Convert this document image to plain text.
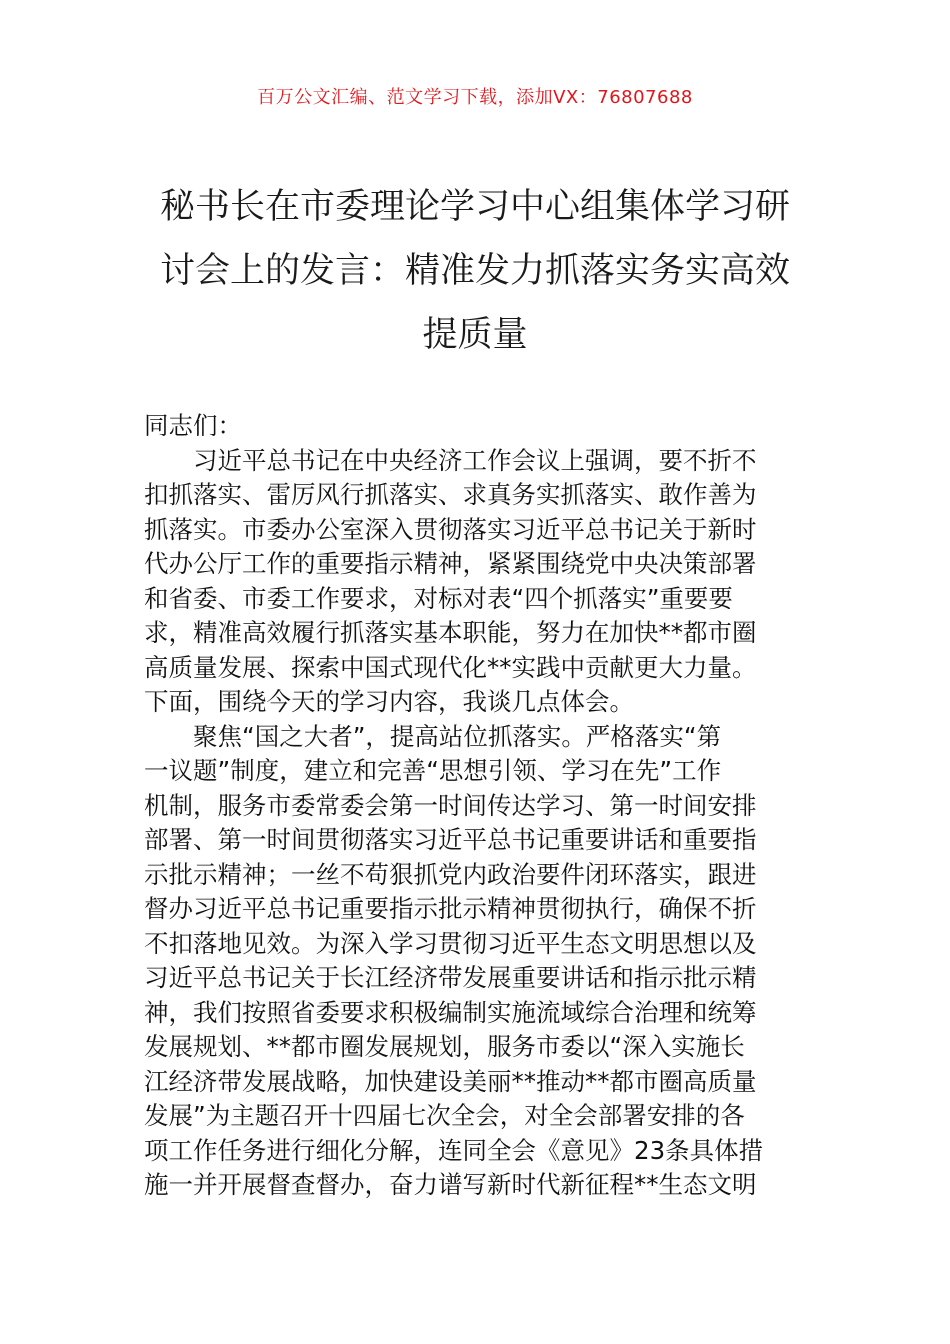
百万公文汇编、范文学习下载，添加VX：76807688
秘书长在市委理论学习中心组集体学习研
讨会上的发言：精准发力抓落实务实高效
提质量
同志们：
习近平总书记在中央经济工作会议上强调，要不折不
扣抓落实、雷厉风行抓落实、求真务实抓落实、敢作善为
抓落实。市委办公室深入贯彻落实习近平总书记关于新时
代办公厅工作的重要指示精神，紧紧围绕党中央决策部署
和省委、市委工作要求，对标对表“四个抓落实”重要要
求，精准高效履行抓落实基本职能，努力在加快**都市圈
高质量发展、探索中国式现代化**实践中贡献更大力量。
下面，围绕今天的学习内容，我谈几点体会。
聚焦“国之大者”，提高站位抓落实。严格落实“第
一议题”制度，建立和完善“思想引领、学习在先”工作
机制，服务市委常委会第一时间传达学习、第一时间安排
部署、第一时间贯彻落实习近平总书记重要讲话和重要指
示批示精神；一丝不苟狠抓党内政治要件闭环落实，跟进
督办习近平总书记重要指示批示精神贯彻执行，确保不折
不扣落地见效。为深入学习贯彻习近平生态文明思想以及
习近平总书记关于长江经济带发展重要讲话和指示批示精
神，我们按照省委要求积极编制实施流域综合治理和统筹
发展规划、**都市圈发展规划，服务市委以“深入实施长
江经济带发展战略，加快建设美丽**推动**都市圈高质量
发展”为主题召开十四届七次全会，对全会部署安排的各
项工作任务进行细化分解，连同全会《意见》23条具体措
施一并开展督查督办，奋力谱写新时代新征程**生态文明
